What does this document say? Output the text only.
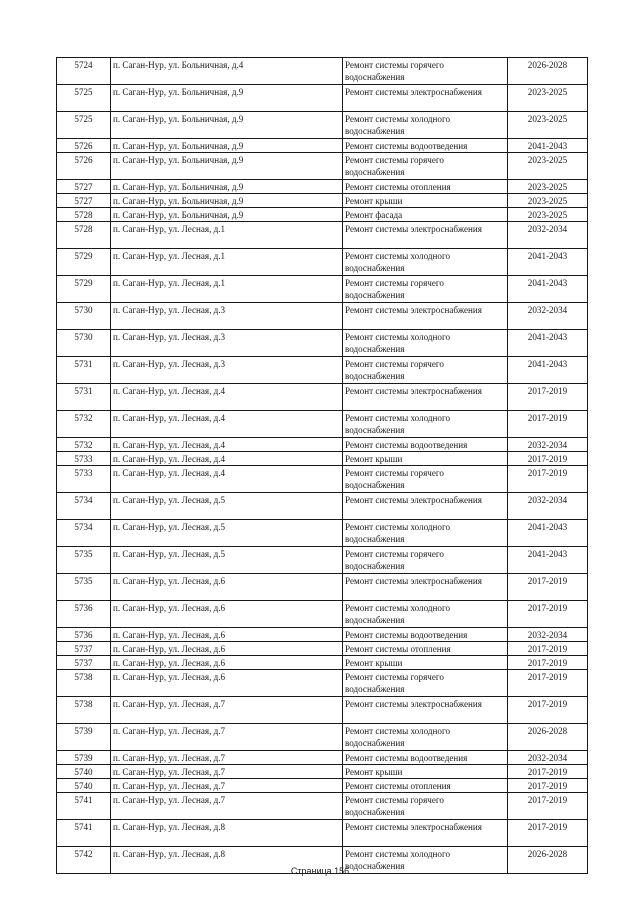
5724	п. Саган-Нур, ул. Больничная, д.4	Ремонт системы горячего водоснабжения	2026-2028
5725	п. Саган-Нур, ул. Больничная, д.9	Ремонт системы электроснабжения	2023-2025
5725	п. Саган-Нур, ул. Больничная, д.9	Ремонт системы холодного водоснабжения	2023-2025
5726	п. Саган-Нур, ул. Больничная, д.9	Ремонт системы водоотведения	2041-2043
5726	п. Саган-Нур, ул. Больничная, д.9	Ремонт системы горячего водоснабжения	2023-2025
5727	п. Саган-Нур, ул. Больничная, д.9	Ремонт системы отопления	2023-2025
5727	п. Саган-Нур, ул. Больничная, д.9	Ремонт крыши	2023-2025
5728	п. Саган-Нур, ул. Больничная, д.9	Ремонт фасада	2023-2025
5728	п. Саган-Нур, ул. Лесная, д.1	Ремонт системы электроснабжения	2032-2034
5729	п. Саган-Нур, ул. Лесная, д.1	Ремонт системы холодного водоснабжения	2041-2043
5729	п. Саган-Нур, ул. Лесная, д.1	Ремонт системы горячего водоснабжения	2041-2043
5730	п. Саган-Нур, ул. Лесная, д.3	Ремонт системы электроснабжения	2032-2034
5730	п. Саган-Нур, ул. Лесная, д.3	Ремонт системы холодного водоснабжения	2041-2043
5731	п. Саган-Нур, ул. Лесная, д.3	Ремонт системы горячего водоснабжения	2041-2043
5731	п. Саган-Нур, ул. Лесная, д.4	Ремонт системы электроснабжения	2017-2019
5732	п. Саган-Нур, ул. Лесная, д.4	Ремонт системы холодного водоснабжения	2017-2019
5732	п. Саган-Нур, ул. Лесная, д.4	Ремонт системы водоотведения	2032-2034
5733	п. Саган-Нур, ул. Лесная, д.4	Ремонт крыши	2017-2019
5733	п. Саган-Нур, ул. Лесная, д.4	Ремонт системы горячего водоснабжения	2017-2019
5734	п. Саган-Нур, ул. Лесная, д.5	Ремонт системы электроснабжения	2032-2034
5734	п. Саган-Нур, ул. Лесная, д.5	Ремонт системы холодного водоснабжения	2041-2043
5735	п. Саган-Нур, ул. Лесная, д.5	Ремонт системы горячего водоснабжения	2041-2043
5735	п. Саган-Нур, ул. Лесная, д.6	Ремонт системы электроснабжения	2017-2019
5736	п. Саган-Нур, ул. Лесная, д.6	Ремонт системы холодного водоснабжения	2017-2019
5736	п. Саган-Нур, ул. Лесная, д.6	Ремонт системы водоотведения	2032-2034
5737	п. Саган-Нур, ул. Лесная, д.6	Ремонт системы отопления	2017-2019
5737	п. Саган-Нур, ул. Лесная, д.6	Ремонт крыши	2017-2019
5738	п. Саган-Нур, ул. Лесная, д.6	Ремонт системы горячего водоснабжения	2017-2019
5738	п. Саган-Нур, ул. Лесная, д.7	Ремонт системы электроснабжения	2017-2019
5739	п. Саган-Нур, ул. Лесная, д.7	Ремонт системы холодного водоснабжения	2026-2028
5739	п. Саган-Нур, ул. Лесная, д.7	Ремонт системы водоотведения	2032-2034
5740	п. Саган-Нур, ул. Лесная, д.7	Ремонт крыши	2017-2019
5740	п. Саган-Нур, ул. Лесная, д.7	Ремонт системы отопления	2017-2019
5741	п. Саган-Нур, ул. Лесная, д.7	Ремонт системы горячего водоснабжения	2017-2019
5741	п. Саган-Нур, ул. Лесная, д.8	Ремонт системы электроснабжения	2017-2019
5742	п. Саган-Нур, ул. Лесная, д.8	Ремонт системы холодного водоснабжения	2026-2028
Страница 156
